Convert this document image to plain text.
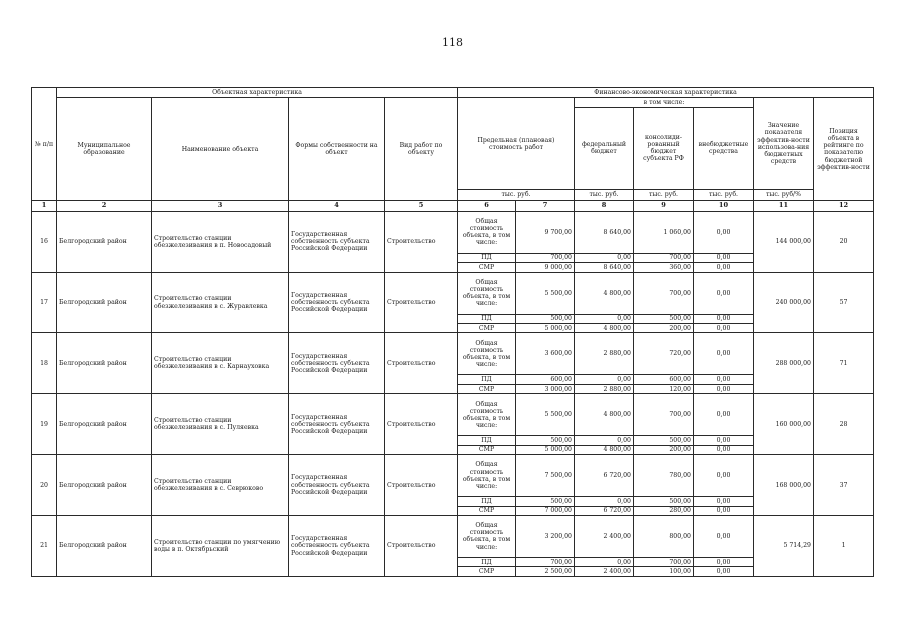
118
№ п/п	Объектная характеристика				Финансово-экономическая характеристика						
	Муниципальное образование	Наименование объекта	Формы собственности на объект	Вид работ по объекту	Предельная (плановая) стоимость работ		в том числе:			Значение показателя эффектив-ности использова-ния бюджетных средств	Позиция объекта в рейтинге по показателю бюджетной эффектив-ности
							федеральный бюджет	консолиди-рованный бюджет субъекта РФ	внебюджетные средства		
					тыс. руб.		тыс. руб.	тыс. руб.	тыс. руб.	тыс. руб/%	
1	2	3	4	5	6	7	8	9	10	11	12
16	Белгородский район	Строительство станции обезжелезивания в п. Новосадовый	Государственная собственность субъекта Российской Федерации	Строительство	Общая стоимость объекта, в том числе:	9 700,00	8 640,00	1 060,00	0,00	144 000,00	20
					ПД	700,00	0,00	700,00	0,00		
					СМР	9 000,00	8 640,00	360,00	0,00		
17	Белгородский район	Строительство станции обезжелезивания в с. Журавлевка	Государственная собственность субъекта Российской Федерации	Строительство	Общая стоимость объекта, в том числе:	5 500,00	4 800,00	700,00	0,00	240 000,00	57
					ПД	500,00	0,00	500,00	0,00		
					СМР	5 000,00	4 800,00	200,00	0,00		
18	Белгородский район	Строительство станции обезжелезивания в с. Карнауховка	Государственная собственность субъекта Российской Федерации	Строительство	Общая стоимость объекта, в том числе:	3 600,00	2 880,00	720,00	0,00	288 000,00	71
					ПД	600,00	0,00	600,00	0,00		
					СМР	3 000,00	2 880,00	120,00	0,00		
19	Белгородский район	Строительство станции обезжелезивания в с. Пуляевка	Государственная собственность субъекта Российской Федерации	Строительство	Общая стоимость объекта, в том числе:	5 500,00	4 800,00	700,00	0,00	160 000,00	28
					ПД	500,00	0,00	500,00	0,00		
					СМР	5 000,00	4 800,00	200,00	0,00		
20	Белгородский район	Строительство станции обезжелезивания в с. Севрюково	Государственная собственность субъекта Российской Федерации	Строительство	Общая стоимость объекта, в том числе:	7 500,00	6 720,00	780,00	0,00	168 000,00	37
					ПД	500,00	0,00	500,00	0,00		
					СМР	7 000,00	6 720,00	280,00	0,00		
21	Белгородский район	Строительство станции по умягчению воды в п. Октябрьский	Государственная собственность субъекта Российской Федерации	Строительство	Общая стоимость объекта, в том числе:	3 200,00	2 400,00	800,00	0,00	5 714,29	1
					ПД	700,00	0,00	700,00	0,00		
					СМР	2 500,00	2 400,00	100,00	0,00		
